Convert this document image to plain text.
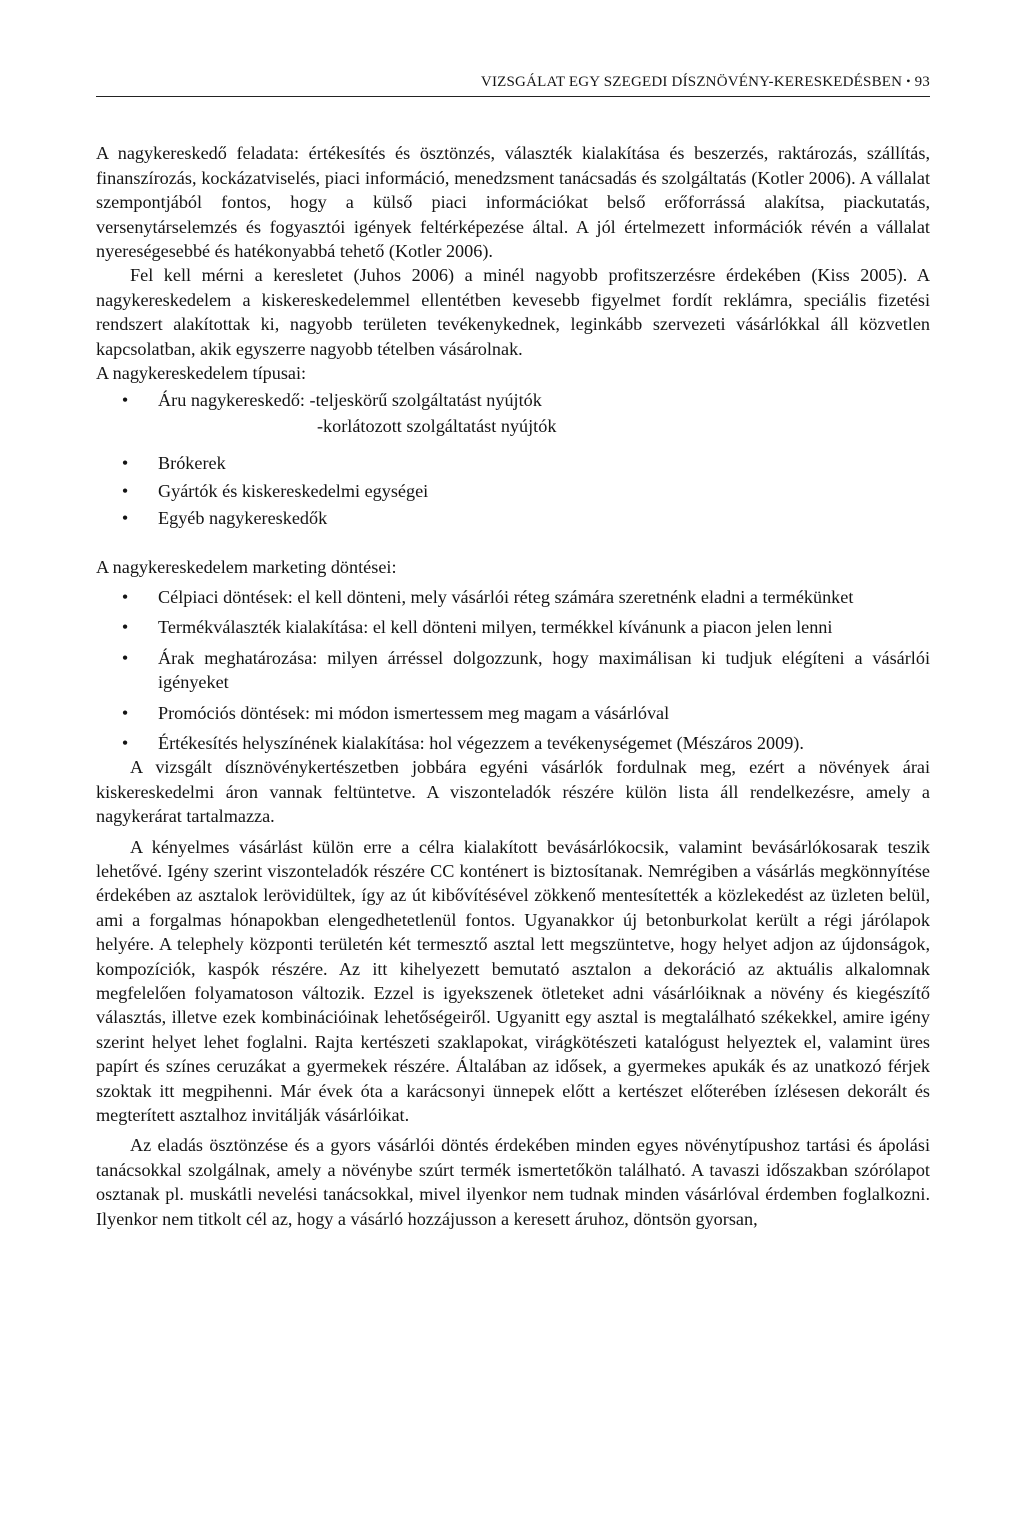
VIZSGÁLAT EGY SZEGEDI DÍSZNÖVÉNY-KERESKEDÉSBEN • 93

A nagykereskedő feladata: értékesítés és ösztönzés, választék kialakítása és beszerzés, raktározás, szállítás, finanszírozás, kockázatviselés, piaci információ, menedzsment tanácsadás és szolgáltatás (Kotler 2006). A vállalat szempontjából fontos, hogy a külső piaci információkat belső erőforrássá alakítsa, piackutatás, versenytárselemzés és fogyasztói igények feltérképezése által. A jól értelmezett információk révén a vállalat nyereségesebbé és hatékonyabbá tehető (Kotler 2006).

Fel kell mérni a keresletet (Juhos 2006) a minél nagyobb profitszerzésre érdekében (Kiss 2005). A nagykereskedelem a kiskereskedelemmel ellentétben kevesebb figyelmet fordít reklámra, speciális fizetési rendszert alakítottak ki, nagyobb területen tevékenykednek, leginkább szervezeti vásárlókkal áll közvetlen kapcsolatban, akik egyszerre nagyobb tételben vásárolnak.

A nagykereskedelem típusai:

• Áru nagykereskedő: -teljeskörű szolgáltatást nyújtók
-korlátozott szolgáltatást nyújtók
• Brókerek
• Gyártók és kiskereskedelmi egységei
• Egyéb nagykereskedők

A nagykereskedelem marketing döntései:

• Célpiaci döntések: el kell dönteni, mely vásárlói réteg számára szeretnénk eladni a termékünket
• Termékválaszték kialakítása: el kell dönteni milyen, termékkel kívánunk a piacon jelen lenni
• Árak meghatározása: milyen árréssel dolgozzunk, hogy maximálisan ki tudjuk elégíteni a vásárlói igényeket
• Promóciós döntések: mi módon ismertessem meg magam a vásárlóval
• Értékesítés helyszínének kialakítása: hol végezzem a tevékenységemet (Mészáros 2009).

A vizsgált dísznövénykertészetben jobbára egyéni vásárlók fordulnak meg, ezért a növények árai kiskereskedelmi áron vannak feltüntetve. A viszonteladók részére külön lista áll rendelkezésre, amely a nagykerárat tartalmazza.

A kényelmes vásárlást külön erre a célra kialakított bevásárlókocsik, valamint bevásárlókosarak teszik lehetővé. Igény szerint viszonteladók részére CC konténert is biztosítanak. Nemrégiben a vásárlás megkönnyítése érdekében az asztalok lerövidültek, így az út kibővítésével zökkenő mentesítették a közlekedést az üzleten belül, ami a forgalmas hónapokban elengedhetetlenül fontos. Ugyanakkor új betonburkolat került a régi járólapok helyére. A telephely központi területén két termesztő asztal lett megszüntetve, hogy helyet adjon az újdonságok, kompozíciók, kaspók részére. Az itt kihelyezett bemutató asztalon a dekoráció az aktuális alkalomnak megfelelően folyamatoson változik. Ezzel is igyekszenek ötleteket adni vásárlóiknak a növény és kiegészítő választás, illetve ezek kombinációinak lehetőségeiről. Ugyanitt egy asztal is megtalálható székekkel, amire igény szerint helyet lehet foglalni. Rajta kertészeti szaklapokat, virágkötészeti katalógust helyeztek el, valamint üres papírt és színes ceruzákat a gyermekek részére. Általában az idősek, a gyermekes apukák és az unatkozó férjek szoktak itt megpihenni. Már évek óta a karácsonyi ünnepek előtt a kertészet előterében ízlésesen dekorált és megterített asztalhoz invitálják vásárlóikat.

Az eladás ösztönzése és a gyors vásárlói döntés érdekében minden egyes növénytípushoz tartási és ápolási tanácsokkal szolgálnak, amely a növénybe szúrt termék ismertetőkön található. A tavaszi időszakban szórólapot osztanak pl. muskátli nevelési tanácsokkal, mivel ilyenkor nem tudnak minden vásárlóval érdemben foglalkozni. Ilyenkor nem titkolt cél az, hogy a vásárló hozzájusson a keresett áruhoz, döntsön gyorsan,
